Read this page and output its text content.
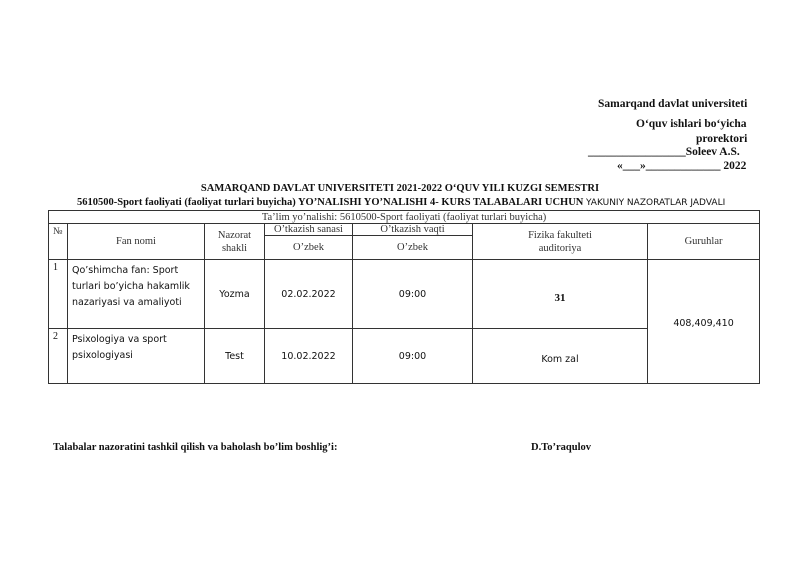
Samarqand davlat universiteti
O‘quv ishlari bo‘yicha
prorektori
_________________Soleev A.S.
«___»_____________ 2022
SAMARQAND DAVLAT UNIVERSITETI 2021-2022 O‘QUV YILI KUZGI SEMESTRI
5610500-Sport faoliyati (faoliyat turlari buyicha) YO’NALISHI YO’NALISHI 4- KURS TALABALARI UCHUN YAKUNIY NAZORATLAR JADVALI
Ta’lim yo’nalishi: 5610500-Sport faoliyati (faoliyat turlari buyicha)						
№	Fan nomi	Nazorat shakli	O’tkazish sanasi	O’tkazish vaqti	Fizika fakulteti auditoriya	Guruhlar
			O’zbek	O’zbek		
1	Qo’shimcha fan: Sport turlari bo’yicha hakamlik nazariyasi va amaliyoti	Yozma	02.02.2022	09:00	31	408,409,410
2	Psixologiya va sport psixologiyasi	Test	10.02.2022	09:00	Kom zal	
Talabalar nazoratini tashkil qilish va baholash bo’lim boshlig’i:	D.To’raqulov
